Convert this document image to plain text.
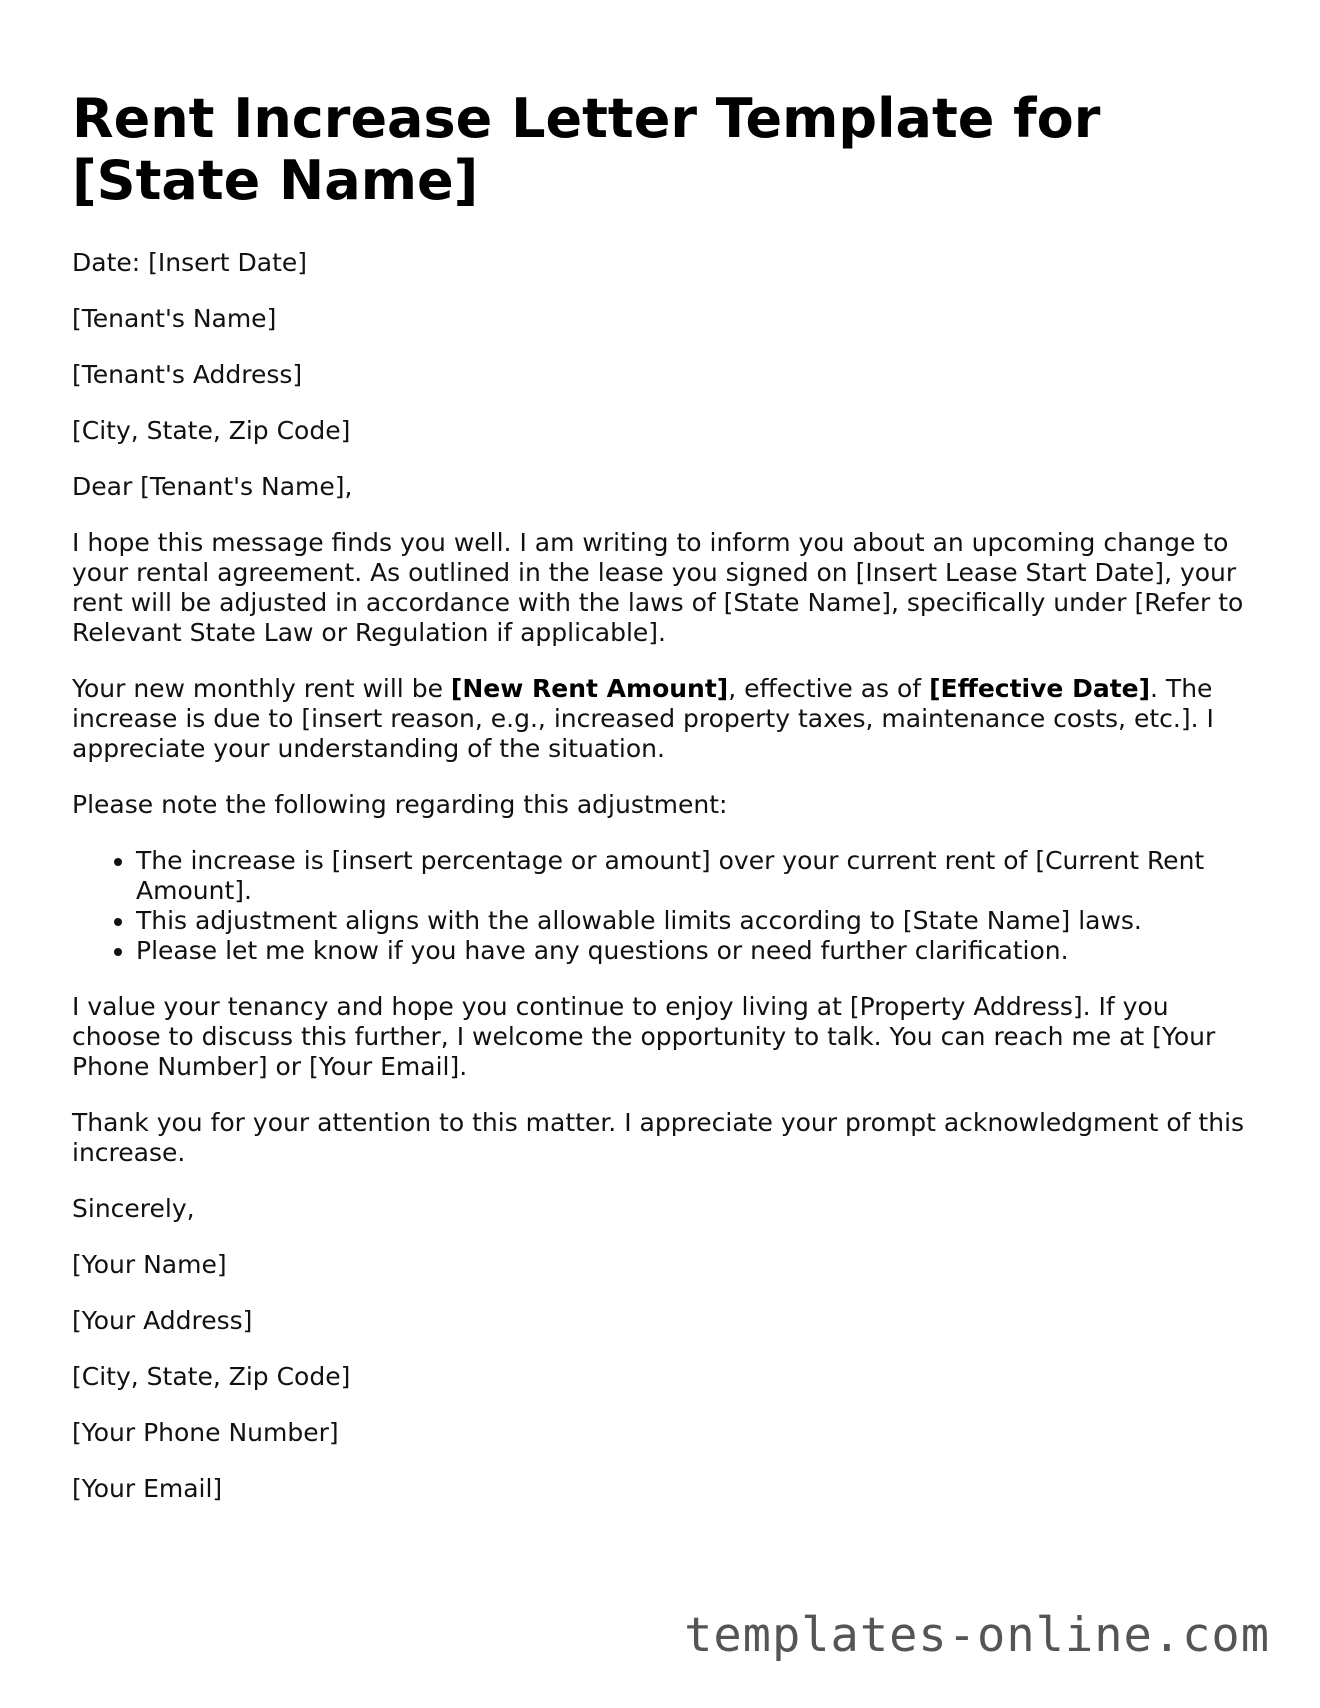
Rent Increase Letter Template for [State Name]

Date: [Insert Date]

[Tenant's Name]

[Tenant's Address]

[City, State, Zip Code]

Dear [Tenant's Name],

I hope this message finds you well. I am writing to inform you about an upcoming change to your rental agreement. As outlined in the lease you signed on [Insert Lease Start Date], your rent will be adjusted in accordance with the laws of [State Name], specifically under [Refer to Relevant State Law or Regulation if applicable].

Your new monthly rent will be [New Rent Amount], effective as of [Effective Date]. The increase is due to [insert reason, e.g., increased property taxes, maintenance costs, etc.]. I appreciate your understanding of the situation.

Please note the following regarding this adjustment:

• The increase is [insert percentage or amount] over your current rent of [Current Rent Amount].
• This adjustment aligns with the allowable limits according to [State Name] laws.
• Please let me know if you have any questions or need further clarification.

I value your tenancy and hope you continue to enjoy living at [Property Address]. If you choose to discuss this further, I welcome the opportunity to talk. You can reach me at [Your Phone Number] or [Your Email].

Thank you for your attention to this matter. I appreciate your prompt acknowledgment of this increase.

Sincerely,

[Your Name]

[Your Address]

[City, State, Zip Code]

[Your Phone Number]

[Your Email]

templates-online.com
